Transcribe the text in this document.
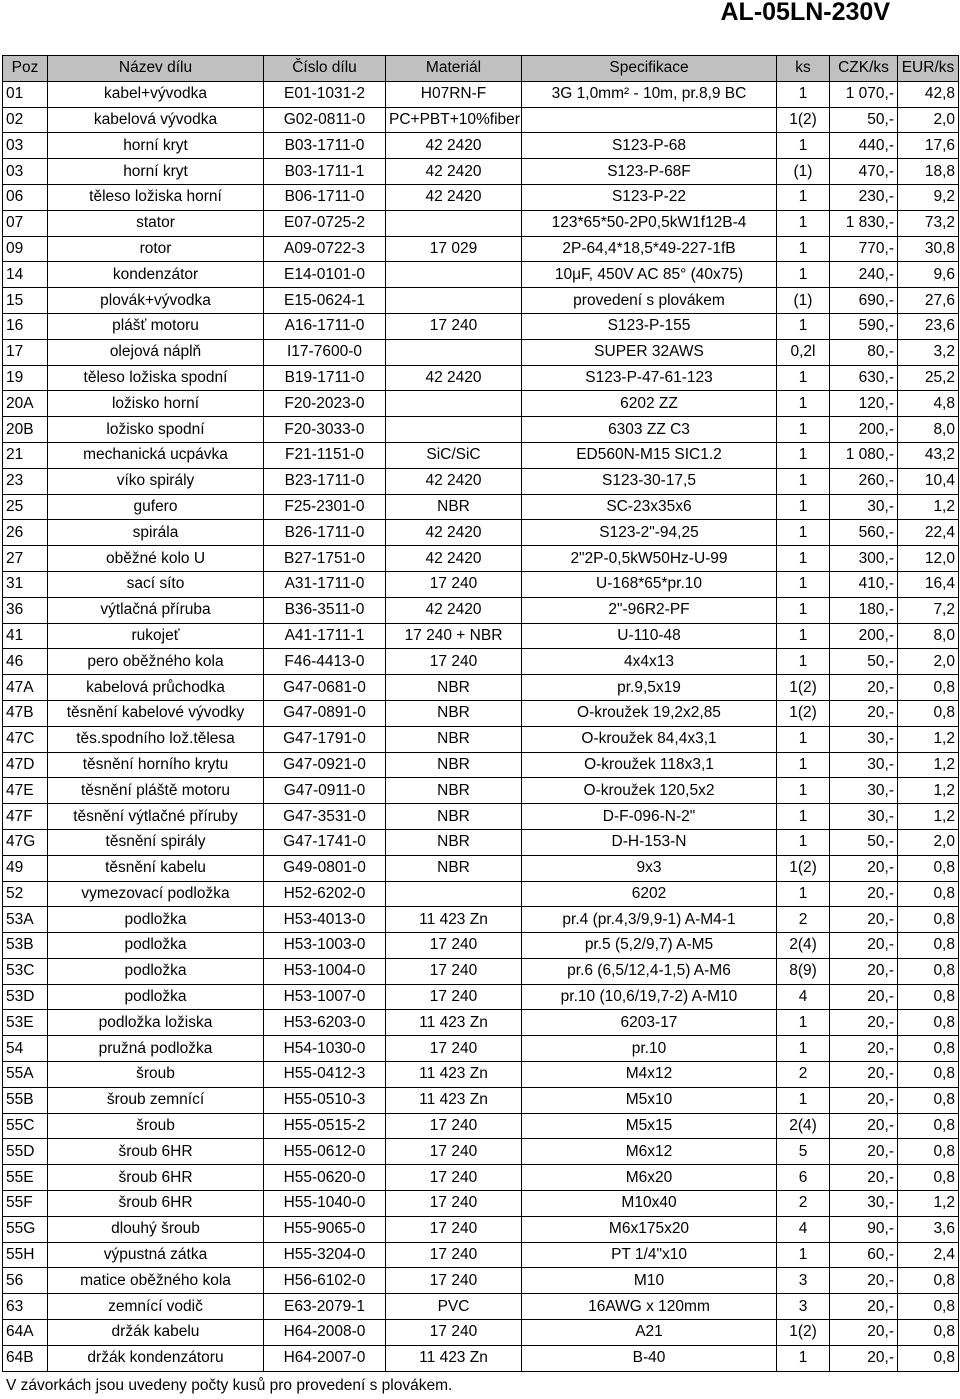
AL-05LN-230V
Poz	Název dílu	Číslo dílu	Materiál	Specifikace	ks	CZK/ks	EUR/ks
01	kabel+vývodka	E01-1031-2	H07RN-F	3G 1,0mm² - 10m, pr.8,9 BC	1	1 070,-	42,8
02	kabelová vývodka	G02-0811-0	PC+PBT+10%fiber		1(2)	50,-	2,0
03	horní kryt	B03-1711-0	42 2420	S123-P-68	1	440,-	17,6
03	horní kryt	B03-1711-1	42 2420	S123-P-68F	(1)	470,-	18,8
06	těleso ložiska horní	B06-1711-0	42 2420	S123-P-22	1	230,-	9,2
07	stator	E07-0725-2		123*65*50-2P0,5kW1f12B-4	1	1 830,-	73,2
09	rotor	A09-0722-3	17 029	2P-64,4*18,5*49-227-1fB	1	770,-	30,8
14	kondenzátor	E14-0101-0		10μF, 450V AC 85° (40x75)	1	240,-	9,6
15	plovák+vývodka	E15-0624-1		provedení s plovákem	(1)	690,-	27,6
16	plášť motoru	A16-1711-0	17 240	S123-P-155	1	590,-	23,6
17	olejová náplň	I17-7600-0		SUPER 32AWS	0,2l	80,-	3,2
19	těleso ložiska spodní	B19-1711-0	42 2420	S123-P-47-61-123	1	630,-	25,2
20A	ložisko horní	F20-2023-0		6202 ZZ	1	120,-	4,8
20B	ložisko spodní	F20-3033-0		6303 ZZ C3	1	200,-	8,0
21	mechanická ucpávka	F21-1151-0	SiC/SiC	ED560N-M15 SIC1.2	1	1 080,-	43,2
23	víko spirály	B23-1711-0	42 2420	S123-30-17,5	1	260,-	10,4
25	gufero	F25-2301-0	NBR	SC-23x35x6	1	30,-	1,2
26	spirála	B26-1711-0	42 2420	S123-2"-94,25	1	560,-	22,4
27	oběžné kolo U	B27-1751-0	42 2420	2"2P-0,5kW50Hz-U-99	1	300,-	12,0
31	sací síto	A31-1711-0	17 240	U-168*65*pr.10	1	410,-	16,4
36	výtlačná příruba	B36-3511-0	42 2420	2"-96R2-PF	1	180,-	7,2
41	rukojeť	A41-1711-1	17 240 + NBR	U-110-48	1	200,-	8,0
46	pero oběžného kola	F46-4413-0	17 240	4x4x13	1	50,-	2,0
47A	kabelová průchodka	G47-0681-0	NBR	pr.9,5x19	1(2)	20,-	0,8
47B	těsnění kabelové vývodky	G47-0891-0	NBR	O-kroužek 19,2x2,85	1(2)	20,-	0,8
47C	těs.spodního lož.tělesa	G47-1791-0	NBR	O-kroužek 84,4x3,1	1	30,-	1,2
47D	těsnění horního krytu	G47-0921-0	NBR	O-kroužek 118x3,1	1	30,-	1,2
47E	těsnění pláště motoru	G47-0911-0	NBR	O-kroužek 120,5x2	1	30,-	1,2
47F	těsnění výtlačné příruby	G47-3531-0	NBR	D-F-096-N-2"	1	30,-	1,2
47G	těsnění spirály	G47-1741-0	NBR	D-H-153-N	1	50,-	2,0
49	těsnění kabelu	G49-0801-0	NBR	9x3	1(2)	20,-	0,8
52	vymezovací podložka	H52-6202-0		6202	1	20,-	0,8
53A	podložka	H53-4013-0	11 423 Zn	pr.4 (pr.4,3/9,9-1) A-M4-1	2	20,-	0,8
53B	podložka	H53-1003-0	17 240	pr.5 (5,2/9,7) A-M5	2(4)	20,-	0,8
53C	podložka	H53-1004-0	17 240	pr.6 (6,5/12,4-1,5) A-M6	8(9)	20,-	0,8
53D	podložka	H53-1007-0	17 240	pr.10 (10,6/19,7-2) A-M10	4	20,-	0,8
53E	podložka ložiska	H53-6203-0	11 423 Zn	6203-17	1	20,-	0,8
54	pružná podložka	H54-1030-0	17 240	pr.10	1	20,-	0,8
55A	šroub	H55-0412-3	11 423 Zn	M4x12	2	20,-	0,8
55B	šroub zemnící	H55-0510-3	11 423 Zn	M5x10	1	20,-	0,8
55C	šroub	H55-0515-2	17 240	M5x15	2(4)	20,-	0,8
55D	šroub 6HR	H55-0612-0	17 240	M6x12	5	20,-	0,8
55E	šroub 6HR	H55-0620-0	17 240	M6x20	6	20,-	0,8
55F	šroub 6HR	H55-1040-0	17 240	M10x40	2	30,-	1,2
55G	dlouhý šroub	H55-9065-0	17 240	M6x175x20	4	90,-	3,6
55H	výpustná zátka	H55-3204-0	17 240	PT 1/4"x10	1	60,-	2,4
56	matice oběžného kola	H56-6102-0	17 240	M10	3	20,-	0,8
63	zemnící vodič	E63-2079-1	PVC	16AWG x 120mm	3	20,-	0,8
64A	držák kabelu	H64-2008-0	17 240	A21	1(2)	20,-	0,8
64B	držák kondenzátoru	H64-2007-0	11 423 Zn	B-40	1	20,-	0,8
V závorkách jsou uvedeny počty kusů pro provedení s plovákem.
